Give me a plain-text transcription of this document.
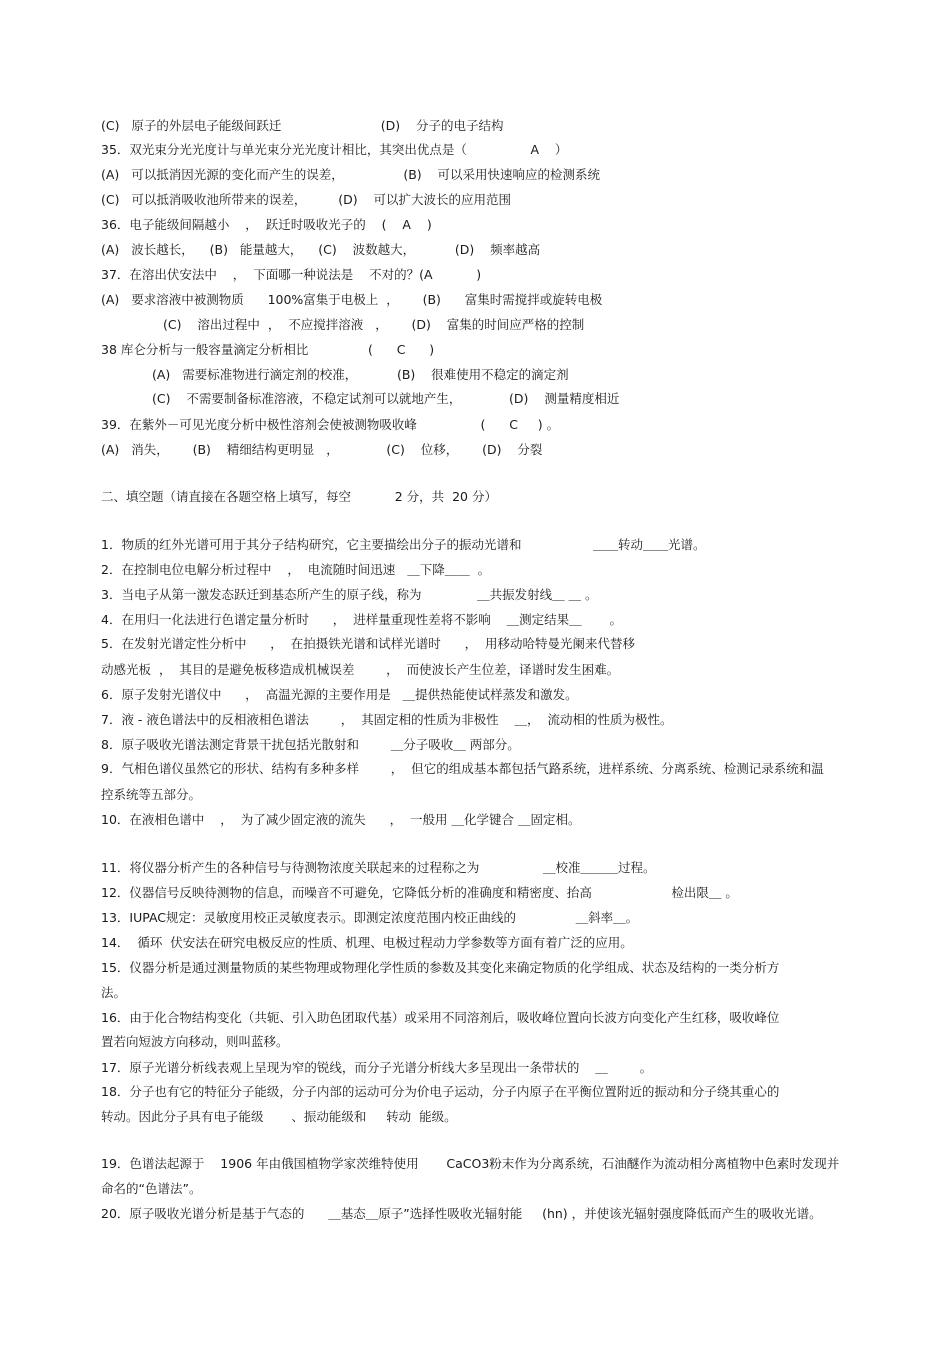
(C)   原子的外层电子能级间跃迁                         (D)    分子的电子结构
35．双光束分光光度计与单光束分光光度计相比，其突出优点是（                A    ）
(A)   可以抵消因光源的变化而产生的误差，               (B)    可以采用快速响应的检测系统
(C)   可以抵消吸收池所带来的误差，        (D)    可以扩大波长的应用范围
36．电子能级间隔越小    ，  跃迁时吸收光子的    (    A    )
(A)   波长越长，    (B)   能量越大，    (C)    波数越大，          (D)    频率越高
37．在溶出伏安法中    ，  下面哪一种说法是    不对的？(A           )
(A)   要求溶液中被测物质      100%富集于电极上  ，      (B)      富集时需搅拌或旋转电极
(C)    溶出过程中  ，  不应搅拌溶液   ，      (D)    富集的时间应严格的控制
38 库仑分析与一般容量滴定分析相比               (      C      )
(A)   需要标准物进行滴定剂的校准，          (B)    很难使用不稳定的滴定剂
(C)    不需要制备标准溶液，不稳定试剂可以就地产生，            (D)    测量精度相近
39．在紫外－可见光度分析中极性溶剂会使被测物吸收峰                (      C     ) 。
(A)   消失，      (B)    精细结构更明显   ，            (C)    位移，      (D)    分裂
二、填空题（请直接在各题空格上填写，每空           2 分，共  20 分）
1．物质的红外光谱可用于其分子结构研究，它主要描绘出分子的振动光谱和                  ＿＿转动＿＿光谱。
2．在控制电位电解分析过程中    ，  电流随时间迅速   ＿下降＿＿  。
3．当电子从第一激发态跃迁到基态所产生的原子线，称为              ＿共振发射线＿ ＿ 。
4．在用归一化法进行色谱定量分析时      ，  进样量重现性差将不影响    ＿测定结果＿       。
5．在发射光谱定性分析中      ，  在拍摄铁光谱和试样光谱时      ，  用移动哈特曼光阑来代替移
动感光板  ，  其目的是避免板移造成机械误差        ，  而使波长产生位差，译谱时发生困难。
6．原子发射光谱仪中      ，  高温光源的主要作用是   ＿提供热能使试样蒸发和激发。
7．液 - 液色谱法中的反相液相色谱法        ，  其固定相的性质为非极性    ＿，  流动相的性质为极性。
8．原子吸收光谱法测定背景干扰包括光散射和        ＿分子吸收＿ 两部分。
9．气相色谱仪虽然它的形状、结构有多种多样        ，  但它的组成基本都包括气路系统，进样系统、分离系统、检测记录系统和温
控系统等五部分。
10．在液相色谱中    ，  为了减少固定液的流失      ，  一般用 ＿化学键合 ＿固定相。
11．将仪器分析产生的各种信号与待测物浓度关联起来的过程称之为                ＿校准＿＿＿过程。
12．仪器信号反映待测物的信息，而噪音不可避免，它降低分析的准确度和精密度、抬高                    检出限＿ 。
13．IUPAC规定：灵敏度用校正灵敏度表示。即测定浓度范围内校正曲线的               ＿斜率＿。
14．  循环  伏安法在研究电极反应的性质、机理、电极过程动力学参数等方面有着广泛的应用。
15．仪器分析是通过测量物质的某些物理或物理化学性质的参数及其变化来确定物质的化学组成、状态及结构的一类分析方
法。
16．由于化合物结构变化（共轭、引入助色团取代基）或采用不同溶剂后，吸收峰位置向长波方向变化产生红移，吸收峰位
置若向短波方向移动，则叫蓝移。
17．原子光谱分析线表观上呈现为窄的锐线，而分子光谱分析线大多呈现出一条带状的    ＿        。
18．分子也有它的特征分子能级，分子内部的运动可分为价电子运动，分子内原子在平衡位置附近的振动和分子绕其重心的
转动。因此分子具有电子能级       、振动能级和     转动  能级。
19．色谱法起源于    1906 年由俄国植物学家茨维特使用       CaCO3粉末作为分离系统，石油醚作为流动相分离植物中色素时发现并
命名的“色谱法”。
20．原子吸收光谱分析是基于气态的      ＿基态＿原子”选择性吸收光辐射能     (hn) ，并使该光辐射强度降低而产生的吸收光谱。
